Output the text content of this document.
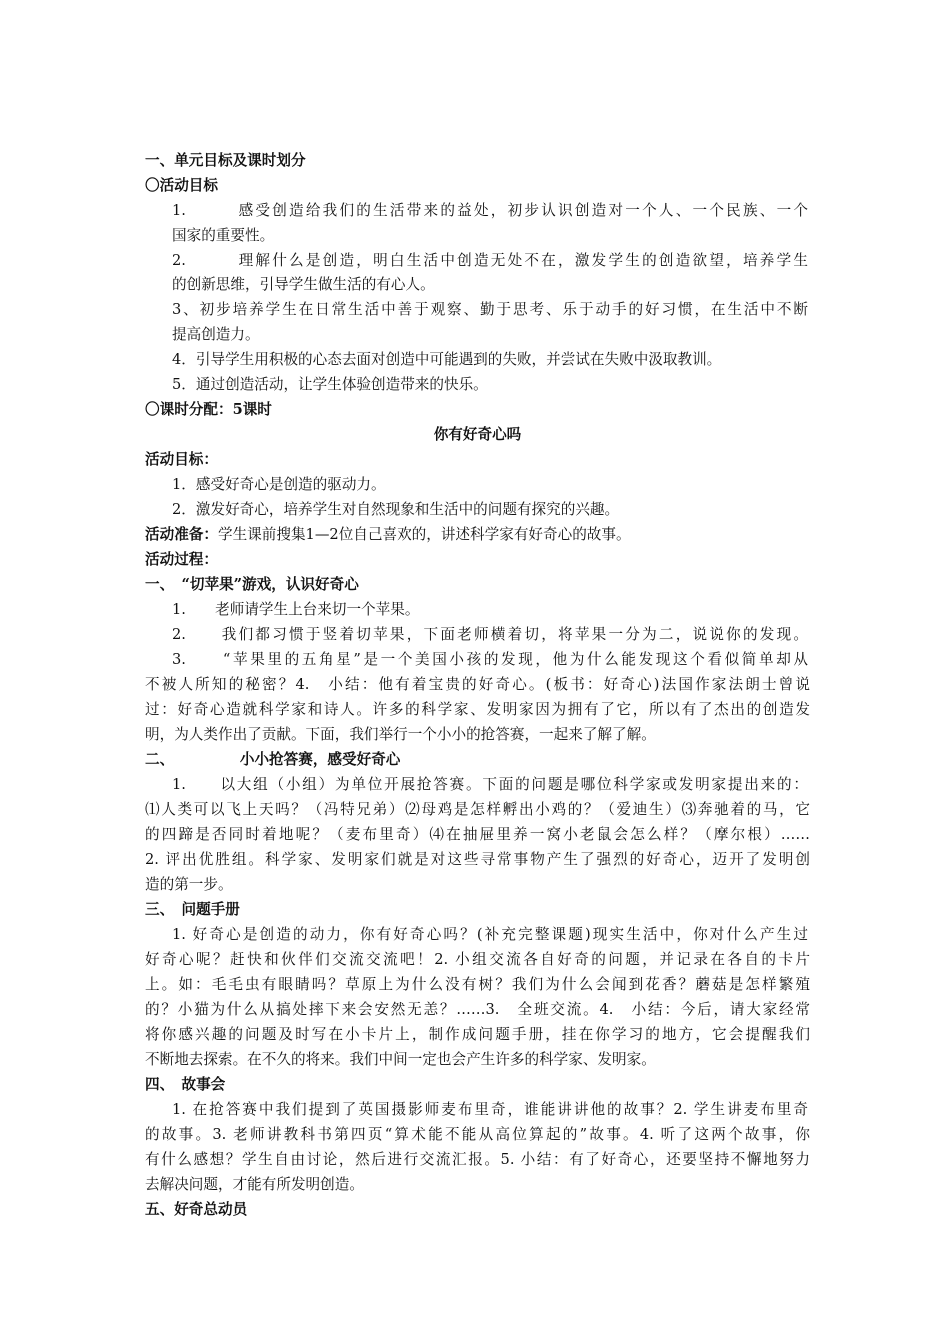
一、单元目标及课时划分
〇活动目标
1.　　　感受创造给我们的生活带来的益处，初步认识创造对一个人、一个民族、一个
国家的重要性。
2.　　　理解什么是创造，明白生活中创造无处不在，激发学生的创造欲望，培养学生
的创新思维，引导学生做生活的有心人。
3、初步培养学生在日常生活中善于观察、勤于思考、乐于动手的好习惯，在生活中不断
提高创造力。
4．引导学生用积极的心态去面对创造中可能遇到的失败，并尝试在失败中汲取教训。
5．通过创造活动，让学生体验创造带来的快乐。
〇课时分配：5课时
你有好奇心吗
活动目标：
1．感受好奇心是创造的驱动力。
2．激发好奇心，培养学生对自然现象和生活中的问题有探究的兴趣。
活动准备：学生课前搜集1—2位自己喜欢的，讲述科学家有好奇心的故事。
活动过程：
一、　“切苹果”游戏，认识好奇心
1.　　老师请学生上台来切一个苹果。
2.　　我们都习惯于竖着切苹果，下面老师横着切，将苹果一分为二，说说你的发现。
3.　　“苹果里的五角星”是一个美国小孩的发现，他为什么能发现这个看似简单却从
不被人所知的秘密？4.　小结：他有着宝贵的好奇心。(板书：好奇心)法国作家法朗士曾说
过：好奇心造就科学家和诗人。许多的科学家、发明家因为拥有了它，所以有了杰出的创造发
明，为人类作出了贡献。下面，我们举行一个小小的抢答赛，一起来了解了解。
二、　　　　　小小抢答赛，感受好奇心
1.　　以大组（小组）为单位开展抢答赛。下面的问题是哪位科学家或发明家提出来的：
⑴人类可以飞上天吗？（冯特兄弟）⑵母鸡是怎样孵出小鸡的？（爱迪生）⑶奔驰着的马，它
的四蹄是否同时着地呢？（麦布里奇）⑷在抽屉里养一窝小老鼠会怎么样？（摩尔根）……
2. 评出优胜组。科学家、发明家们就是对这些寻常事物产生了强烈的好奇心，迈开了发明创
造的第一步。
三、　问题手册
1. 好奇心是创造的动力，你有好奇心吗？(补充完整课题)现实生活中，你对什么产生过
好奇心呢？赶快和伙伴们交流交流吧！2. 小组交流各自好奇的问题，并记录在各自的卡片
上。如：毛毛虫有眼睛吗？草原上为什么没有树？我们为什么会闻到花香？蘑菇是怎样繁殖
的？小猫为什么从搞处摔下来会安然无恙？……3.　全班交流。4.　小结：今后，请大家经常
将你感兴趣的问题及时写在小卡片上，制作成问题手册，挂在你学习的地方，它会提醒我们
不断地去探索。在不久的将来。我们中间一定也会产生许多的科学家、发明家。
四、　故事会
1. 在抢答赛中我们提到了英国摄影师麦布里奇，谁能讲讲他的故事？2. 学生讲麦布里奇
的故事。3. 老师讲教科书第四页“算术能不能从高位算起的”故事。4. 听了这两个故事，你
有什么感想？学生自由讨论，然后进行交流汇报。5. 小结：有了好奇心，还要坚持不懈地努力
去解决问题，才能有所发明创造。
五、好奇总动员
